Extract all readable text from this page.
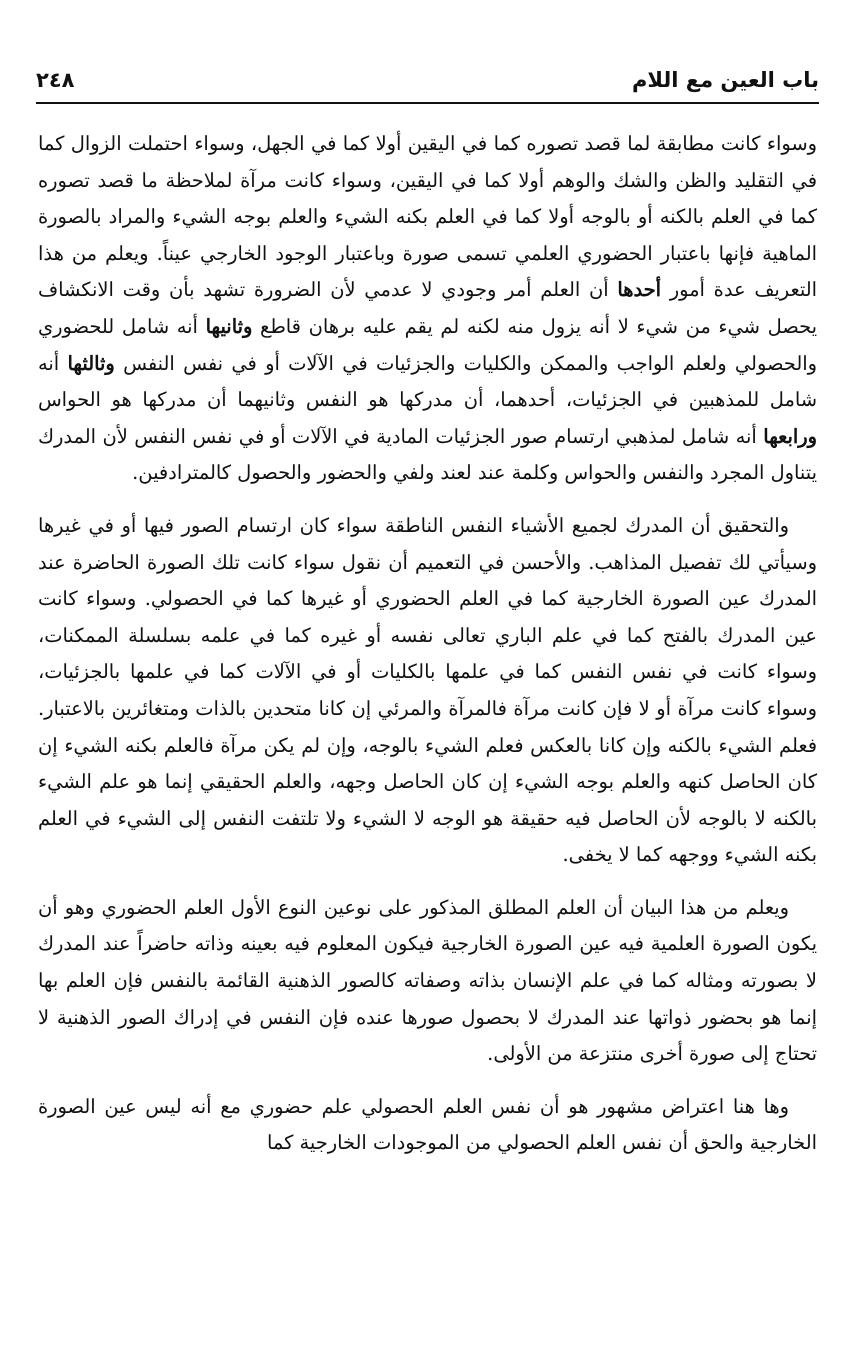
باب العين مع اللام
٢٤٨

وسواء كانت مطابقة لما قصد تصوره كما في اليقين أولا كما في الجهل، وسواء احتملت الزوال كما في التقليد والظن والشك والوهم أولا كما في اليقين، وسواء كانت مرآة لملاحظة ما قصد تصوره كما في العلم بالكنه أو بالوجه أولا كما في العلم بكنه الشيء والعلم بوجه الشيء والمراد بالصورة الماهية فإنها باعتبار الحضوري العلمي تسمى صورة وباعتبار الوجود الخارجي عيناً. ويعلم من هذا التعريف عدة أمور أحدها أن العلم أمر وجودي لا عدمي لأن الضرورة تشهد بأن وقت الانكشاف يحصل شيء من شيء لا أنه يزول منه لكنه لم يقم عليه برهان قاطع وثانيها أنه شامل للحضوري والحصولي ولعلم الواجب والممكن والكليات والجزئيات في الآلات أو في نفس النفس وثالثها أنه شامل للمذهبين في الجزئيات، أحدهما، أن مدركها هو النفس وثانيهما أن مدركها هو الحواس ورابعها أنه شامل لمذهبي ارتسام صور الجزئيات المادية في الآلات أو في نفس النفس لأن المدرك يتناول المجرد والنفس والحواس وكلمة عند لعند ولفي والحضور والحصول كالمترادفين.

والتحقيق أن المدرك لجميع الأشياء النفس الناطقة سواء كان ارتسام الصور فيها أو في غيرها وسيأتي لك تفصيل المذاهب. والأحسن في التعميم أن نقول سواء كانت تلك الصورة الحاضرة عند المدرك عين الصورة الخارجية كما في العلم الحضوري أو غيرها كما في الحصولي. وسواء كانت عين المدرك بالفتح كما في علم الباري تعالى نفسه أو غيره كما في علمه بسلسلة الممكنات، وسواء كانت في نفس النفس كما في علمها بالكليات أو في الآلات كما في علمها بالجزئيات، وسواء كانت مرآة أو لا فإن كانت مرآة فالمرآة والمرئي إن كانا متحدين بالذات ومتغائرين بالاعتبار. فعلم الشيء بالكنه وإن كانا بالعكس فعلم الشيء بالوجه، وإن لم يكن مرآة فالعلم بكنه الشيء إن كان الحاصل كنهه والعلم بوجه الشيء إن كان الحاصل وجهه، والعلم الحقيقي إنما هو علم الشيء بالكنه لا بالوجه لأن الحاصل فيه حقيقة هو الوجه لا الشيء ولا تلتفت النفس إلى الشيء في العلم بكنه الشيء ووجهه كما لا يخفى.

ويعلم من هذا البيان أن العلم المطلق المذكور على نوعين النوع الأول العلم الحضوري وهو أن يكون الصورة العلمية فيه عين الصورة الخارجية فيكون المعلوم فيه بعينه وذاته حاضراً عند المدرك لا بصورته ومثاله كما في علم الإنسان بذاته وصفاته كالصور الذهنية القائمة بالنفس فإن العلم بها إنما هو بحضور ذواتها عند المدرك لا بحصول صورها عنده فإن النفس في إدراك الصور الذهنية لا تحتاج إلى صورة أخرى منتزعة من الأولى.

وها هنا اعتراض مشهور هو أن نفس العلم الحصولي علم حضوري مع أنه ليس عين الصورة الخارجية والحق أن نفس العلم الحصولي من الموجودات الخارجية كما
